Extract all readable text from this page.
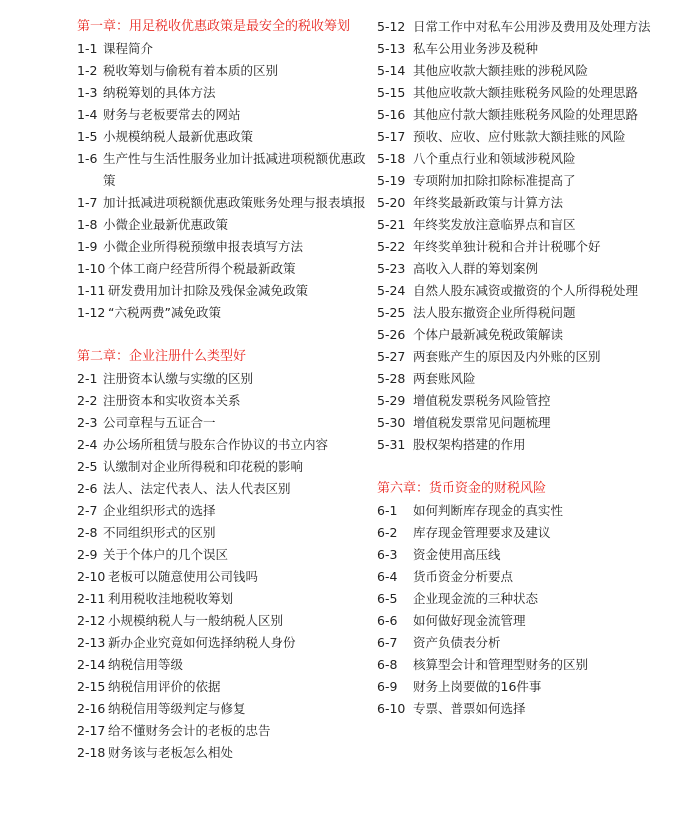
第一章：用足税收优惠政策是最安全的税收筹划
1-1 课程简介
1-2 税收筹划与偷税有着本质的区别
1-3 纳税筹划的具体方法
1-4 财务与老板要常去的网站
1-5 小规模纳税人最新优惠政策
1-6 生产性与生活性服务业加计抵减进项税额优惠政策
1-7 加计抵减进项税额优惠政策账务处理与报表填报
1-8 小微企业最新优惠政策
1-9 小微企业所得税预缴申报表填写方法
1-10 个体工商户经营所得个税最新政策
1-11 研发费用加计扣除及残保金减免政策
1-12 “六税两费”减免政策
第二章：企业注册什么类型好
2-1 注册资本认缴与实缴的区别
2-2 注册资本和实收资本关系
2-3 公司章程与五证合一
2-4 办公场所租赁与股东合作协议的书立内容
2-5 认缴制对企业所得税和印花税的影响
2-6 法人、法定代表人、法人代表区别
2-7 企业组织形式的选择
2-8 不同组织形式的区别
2-9 关于个体户的几个误区
2-10 老板可以随意使用公司钱吗
2-11 利用税收洼地税收筹划
2-12 小规模纳税人与一般纳税人区别
2-13 新办企业究竟如何选择纳税人身份
2-14 纳税信用等级
2-15 纳税信用评价的依据
2-16 纳税信用等级判定与修复
2-17 给不懂财务会计的老板的忠告
2-18 财务该与老板怎么相处
5-12 日常工作中对私车公用涉及费用及处理方法
5-13 私车公用业务涉及税种
5-14 其他应收款大额挂账的涉税风险
5-15 其他应收款大额挂账税务风险的处理思路
5-16 其他应付款大额挂账税务风险的处理思路
5-17 预收、应收、应付账款大额挂账的风险
5-18 八个重点行业和领域涉税风险
5-19 专项附加扣除扣除标准提高了
5-20 年终奖最新政策与计算方法
5-21 年终奖发放注意临界点和盲区
5-22 年终奖单独计税和合并计税哪个好
5-23 高收入人群的筹划案例
5-24 自然人股东减资或撤资的个人所得税处理
5-25 法人股东撤资企业所得税问题
5-26 个体户最新减免税政策解读
5-27 两套账产生的原因及内外账的区别
5-28 两套账风险
5-29 增值税发票税务风险管控
5-30 增值税发票常见问题梳理
5-31 股权架构搭建的作用
第六章：货币资金的财税风险
6-1	如何判断库存现金的真实性
6-2	库存现金管理要求及建议
6-3	资金使用高压线
6-4	货币资金分析要点
6-5	企业现金流的三种状态
6-6	如何做好现金流管理
6-7	资产负债表分析
6-8	核算型会计和管理型财务的区别
6-9	财务上岗要做的16件事
6-10 专票、普票如何选择
